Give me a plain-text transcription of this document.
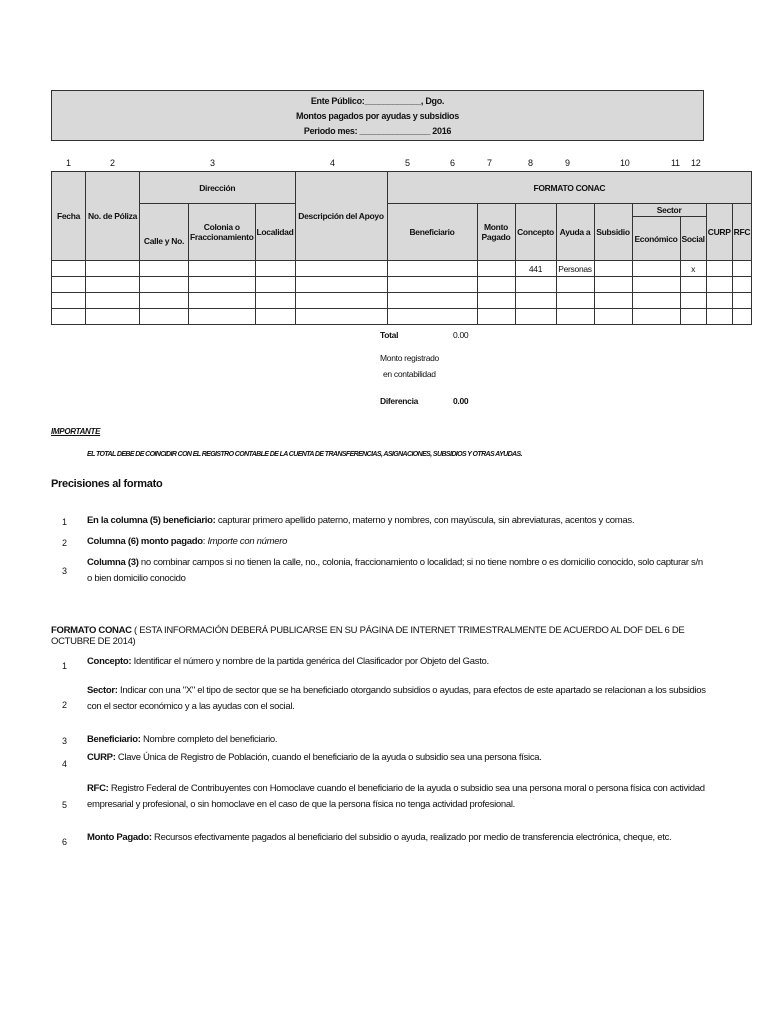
Ente Público:____________, Dgo.
Montos pagados por ayudas y subsidios
Periodo mes: _______________ 2016
1	2	3	4	5	6	7	8	9	10	11 12
Fecha	No. de Póliza	Dirección			Descripción del Apoyo	FORMATO CONAC								
		Calle y No.	Colonia o Fraccionamiento	Localidad		Beneficiario	Monto Pagado	Concepto	Ayuda a	Subsidio	Sector		CURP	RFC
											Económico	Social		
								441	Personas			x		

Total	0.00
Monto registrado
en contabilidad
Diferencia	0.00
IMPORTANTE
EL TOTAL DEBE DE COINCIDIR CON EL REGISTRO CONTABLE DE LA CUENTA DE TRANSFERENCIAS, ASIGNACIONES, SUBSIDIOS Y OTRAS AYUDAS.
Precisiones al formato
1 En la columna (5) beneficiario: capturar primero apellido paterno, materno y nombres, con mayúscula, sin abreviaturas, acentos y comas.
2 Columna (6) monto pagado: Importe con número
3
Columna (3) no combinar campos si no tienen la calle, no., colonia, fraccionamiento o localidad; si no tiene nombre o es domicilio conocido, solo capturar s/n o bien domicilio conocido
FORMATO CONAC ( ESTA INFORMACIÓN DEBERÁ PUBLICARSE EN SU PÁGINA DE INTERNET TRIMESTRALMENTE DE ACUERDO AL DOF DEL 6 DE OCTUBRE DE 2014)
1 Concepto: Identificar el número y nombre de la partida genérica del Clasificador por Objeto del Gasto.
2
Sector: Indicar con una "X" el tipo de sector que se ha beneficiado otorgando subsidios o ayudas, para efectos de este apartado se relacionan a los subsidios con el sector económico y a las ayudas con el social.
3 Beneficiario: Nombre completo del beneficiario.
4
CURP: Clave Única de Registro de Población, cuando el beneficiario de la ayuda o subsidio sea una persona física.
5
RFC: Registro Federal de Contribuyentes con Homoclave cuando el beneficiario de la ayuda o subsidio sea una persona moral o persona física con actividad empresarial y profesional, o sin homoclave en el caso de que la persona física no tenga actividad profesional.
6 Monto Pagado: Recursos efectivamente pagados al beneficiario del subsidio o ayuda, realizado por medio de transferencia electrónica, cheque, etc.
